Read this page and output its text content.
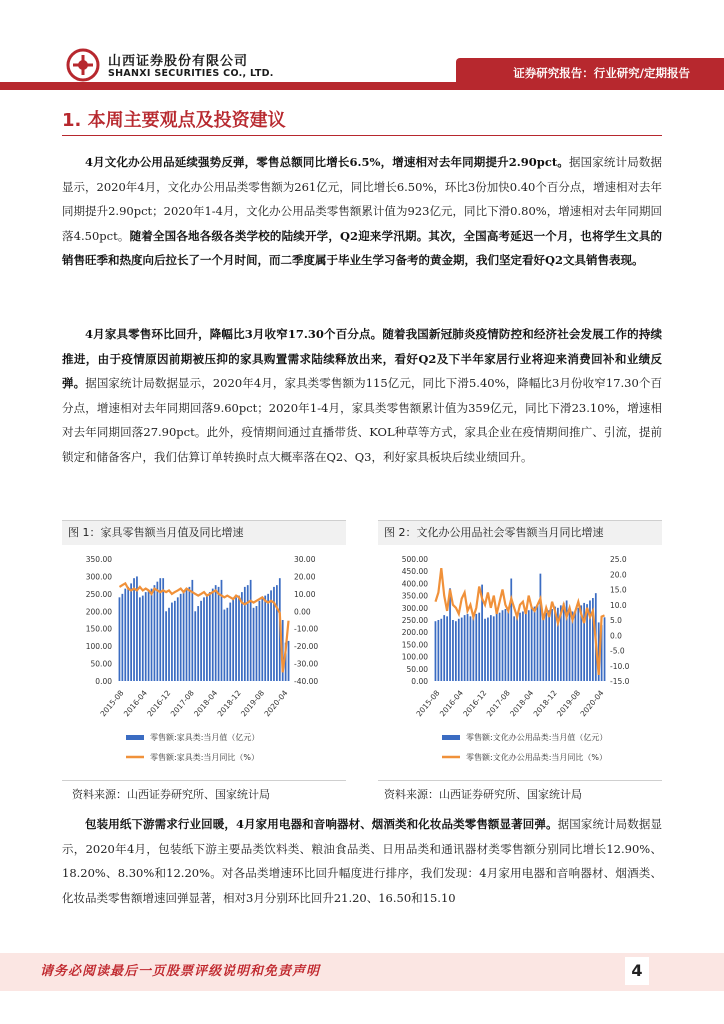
山西证券股份有限公司
SHANXI SECURITIES CO., LTD.	证券研究报告：行业研究/定期报告
1. 本周主要观点及投资建议

4月文化办公用品延续强势反弹，零售总额同比增长6.5%，增速相对去年同期提升2.90pct。据国家统计局数据显示，2020年4月，文化办公用品类零售额为261亿元，同比增长6.50%，环比3份加快0.40个百分点，增速相对去年同期提升2.90pct；2020年1-4月，文化办公用品类零售额累计值为923亿元，同比下滑0.80%，增速相对去年同期回落4.50pct。随着全国各地各级各类学校的陆续开学，Q2迎来学汛期。其次，全国高考延迟一个月，也将学生文具的销售旺季和热度向后拉长了一个月时间，而二季度属于毕业生学习备考的黄金期，我们坚定看好Q2文具销售表现。

4月家具零售环比回升，降幅比3月收窄17.30个百分点。随着我国新冠肺炎疫情防控和经济社会发展工作的持续推进，由于疫情原因前期被压抑的家具购置需求陆续释放出来，看好Q2及下半年家居行业将迎来消费回补和业绩反弹。据国家统计局数据显示，2020年4月，家具类零售额为115亿元，同比下滑5.40%，降幅比3月份收窄17.30个百分点，增速相对去年同期回落9.60pct；2020年1-4月，家具类零售额累计值为359亿元，同比下滑23.10%，增速相对去年同期回落27.90pct。此外，疫情期间通过直播带货、KOL种草等方式，家具企业在疫情期间推广、引流，提前锁定和储备客户，我们估算订单转换时点大概率落在Q2、Q3，利好家具板块后续业绩回升。

图 1：家具零售额当月值及同比增速
350.00
300.00
250.00
200.00
150.00
100.00
50.00
0.00
30.00
20.00
10.00
0.00
-10.00
-20.00
-30.00
-40.00
2015-08
2016-04
2016-12
2017-08
2018-04
2018-12
2019-08
2020-04
零售额:家具类:当月值（亿元）
零售额:家具类:当月同比（%）
资料来源：山西证券研究所、国家统计局
图 2：文化办公用品社会零售额当月同比增速
500.00
450.00
400.00
350.00
300.00
250.00
200.00
150.00
100.00
50.00
0.00
25.0
20.0
15.0
10.0
5.0
0.0
-5.0
-10.0
-15.0
2015-08
2016-04
2016-12
2017-08
2018-04
2018-12
2019-08
2020-04
零售额:文化办公用品类:当月值（亿元）
零售额:文化办公用品类:当月同比（%）
资料来源：山西证券研究所、国家统计局

包装用纸下游需求行业回暖，4月家用电器和音响器材、烟酒类和化妆品类零售额显著回弹。据国家统计局数据显示，2020年4月，包装纸下游主要品类饮料类、粮油食品类、日用品类和通讯器材类零售额分别同比增长12.90%、18.20%、8.30%和12.20%。对各品类增速环比回升幅度进行排序，我们发现：4月家用电器和音响器材、烟酒类、化妆品类零售额增速回弹显著，相对3月分别环比回升21.20、16.50和15.10

请务必阅读最后一页股票评级说明和免责声明	4
